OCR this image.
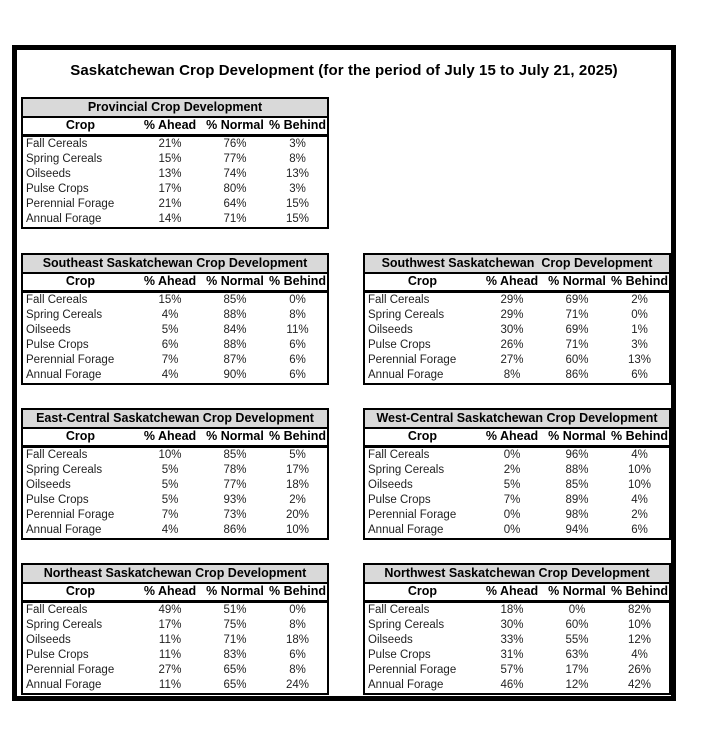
Saskatchewan Crop Development (for the period of July 15 to July 21, 2025)
Provincial Crop Development			
Crop	% Ahead	% Normal	% Behind
Fall Cereals	21%	76%	3%
Spring Cereals	15%	77%	8%
Oilseeds	13%	74%	13%
Pulse Crops	17%	80%	3%
Perennial Forage	21%	64%	15%
Annual Forage	14%	71%	15%
Southeast Saskatchewan Crop Development			
Crop	% Ahead	% Normal	% Behind
Fall Cereals	15%	85%	0%
Spring Cereals	4%	88%	8%
Oilseeds	5%	84%	11%
Pulse Crops	6%	88%	6%
Perennial Forage	7%	87%	6%
Annual Forage	4%	90%	6%
Southwest Saskatchewan  Crop Development			
Crop	% Ahead	% Normal	% Behind
Fall Cereals	29%	69%	2%
Spring Cereals	29%	71%	0%
Oilseeds	30%	69%	1%
Pulse Crops	26%	71%	3%
Perennial Forage	27%	60%	13%
Annual Forage	8%	86%	6%
East-Central Saskatchewan Crop Development			
Crop	% Ahead	% Normal	% Behind
Fall Cereals	10%	85%	5%
Spring Cereals	5%	78%	17%
Oilseeds	5%	77%	18%
Pulse Crops	5%	93%	2%
Perennial Forage	7%	73%	20%
Annual Forage	4%	86%	10%
West-Central Saskatchewan Crop Development			
Crop	% Ahead	% Normal	% Behind
Fall Cereals	0%	96%	4%
Spring Cereals	2%	88%	10%
Oilseeds	5%	85%	10%
Pulse Crops	7%	89%	4%
Perennial Forage	0%	98%	2%
Annual Forage	0%	94%	6%
Northeast Saskatchewan Crop Development			
Crop	% Ahead	% Normal	% Behind
Fall Cereals	49%	51%	0%
Spring Cereals	17%	75%	8%
Oilseeds	11%	71%	18%
Pulse Crops	11%	83%	6%
Perennial Forage	27%	65%	8%
Annual Forage	11%	65%	24%
Northwest Saskatchewan Crop Development			
Crop	% Ahead	% Normal	% Behind
Fall Cereals	18%	0%	82%
Spring Cereals	30%	60%	10%
Oilseeds	33%	55%	12%
Pulse Crops	31%	63%	4%
Perennial Forage	57%	17%	26%
Annual Forage	46%	12%	42%
